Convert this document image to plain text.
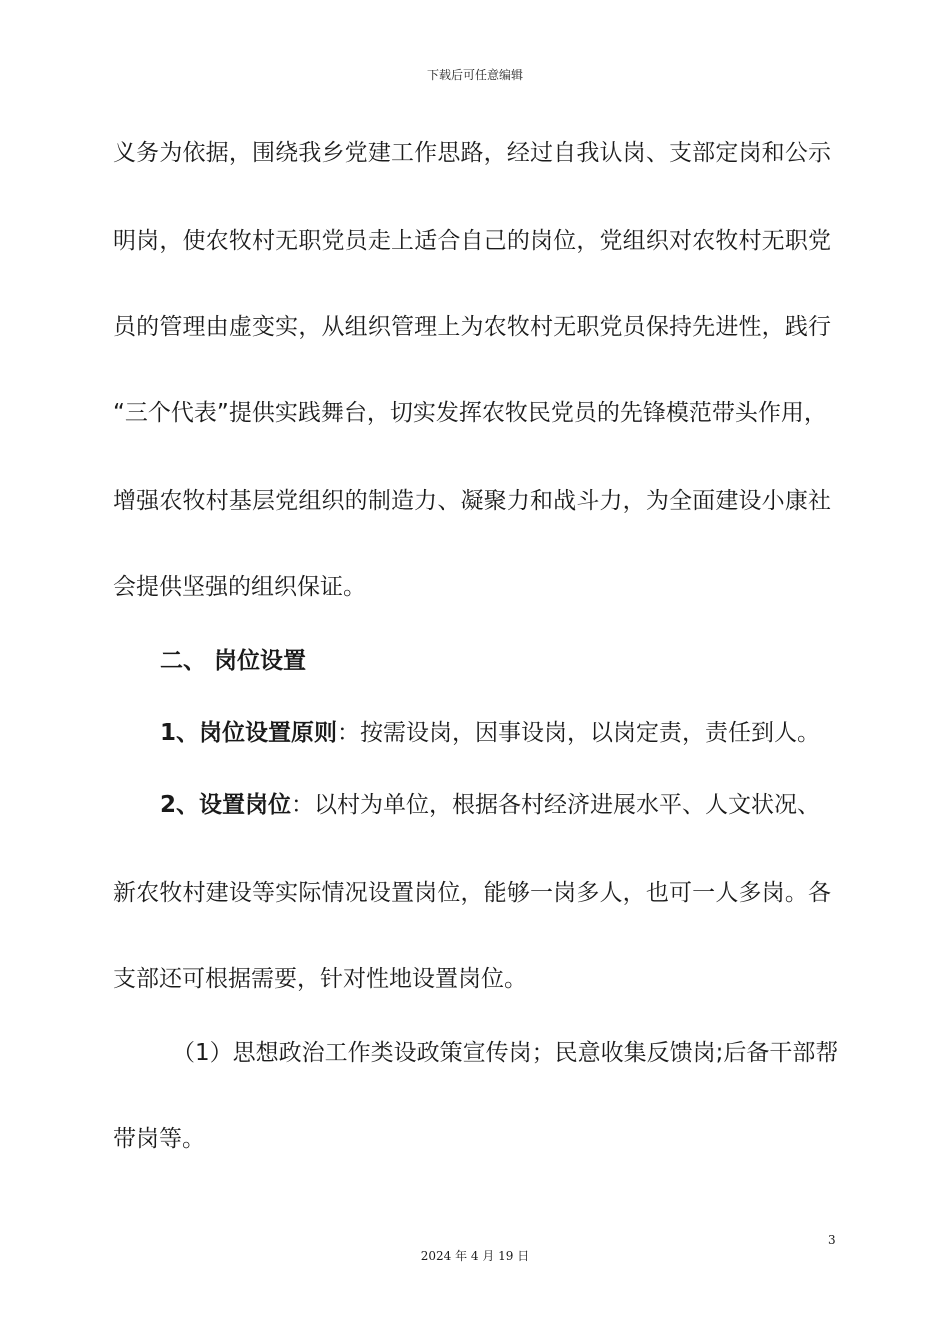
下载后可任意编辑
义务为依据，围绕我乡党建工作思路，经过自我认岗、支部定岗和公示
明岗，使农牧村无职党员走上适合自己的岗位，党组织对农牧村无职党
员的管理由虚变实，从组织管理上为农牧村无职党员保持先进性，践行
“三个代表”提供实践舞台，切实发挥农牧民党员的先锋模范带头作用，
增强农牧村基层党组织的制造力、凝聚力和战斗力，为全面建设小康社
会提供坚强的组织保证。
二、 岗位设置
1、岗位设置原则：按需设岗，因事设岗，以岗定责，责任到人。
2、设置岗位：以村为单位，根据各村经济进展水平、人文状况、
新农牧村建设等实际情况设置岗位，能够一岗多人，也可一人多岗。各
支部还可根据需要，针对性地设置岗位。
（1）思想政治工作类设政策宣传岗；民意收集反馈岗;后备干部帮
带岗等。
3
2024 年 4 月 19 日
